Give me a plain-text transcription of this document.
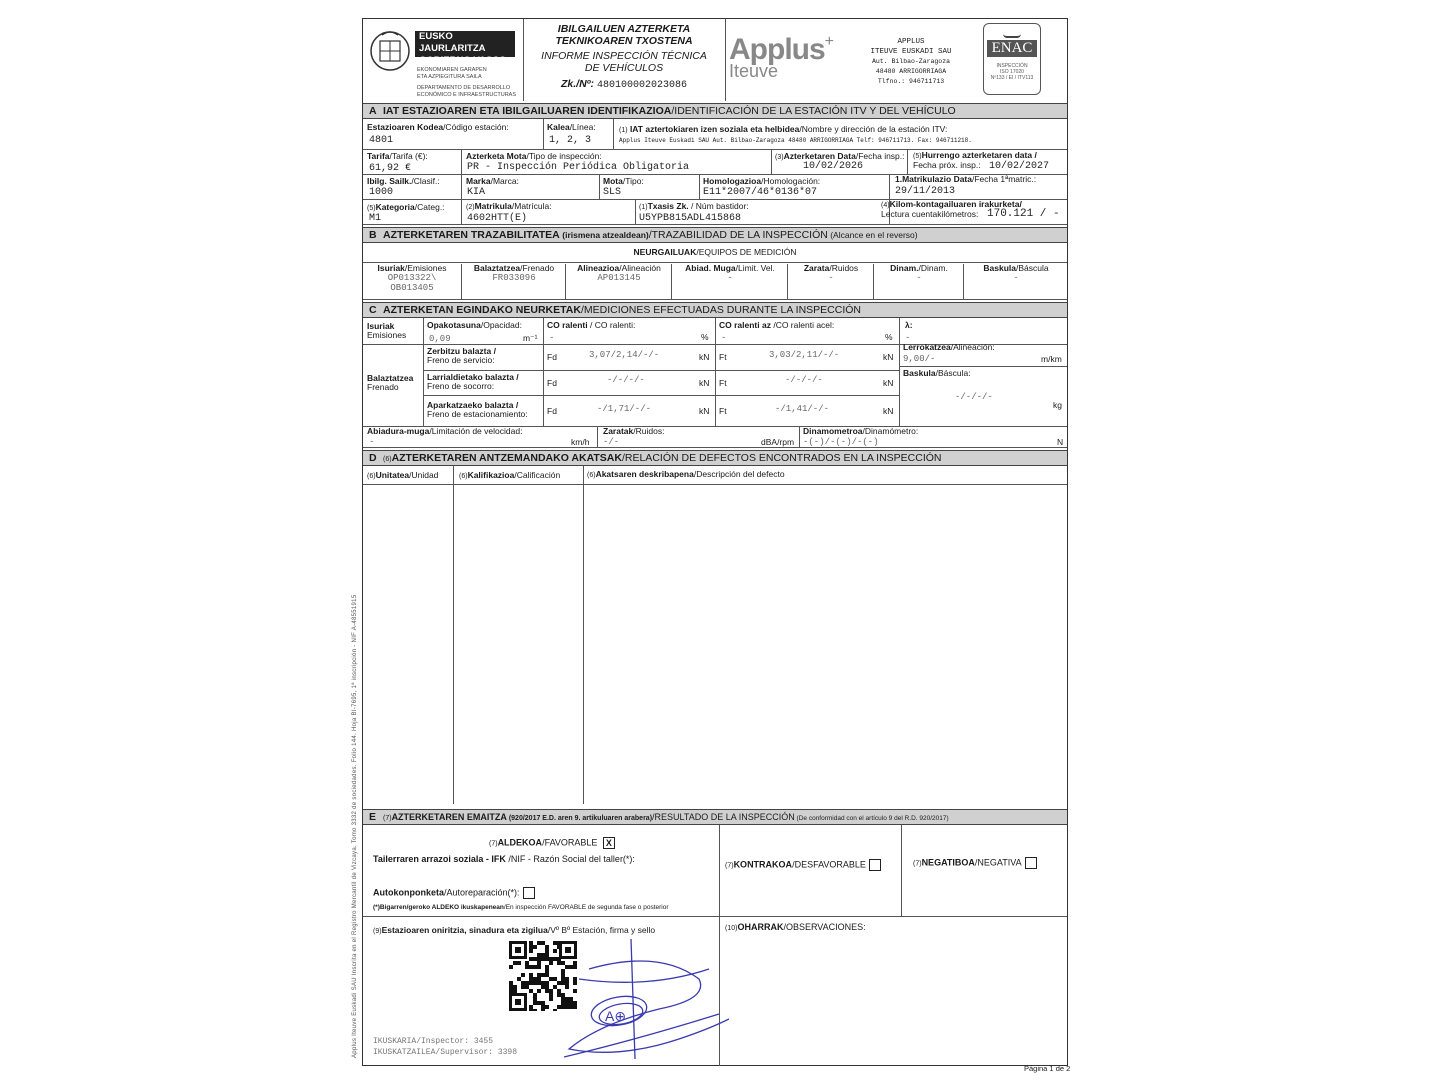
EUSKO JAURLARITZA
GOBIERNO VASCO
EKONOMIAREN GARAPEN
ETA AZPIEGITURA SAILA
DEPARTAMENTO DE DESARROLLO
ECONÓMICO E INFRAESTRUCTURAS
IBILGAILUEN AZTERKETA
TEKNIKOAREN TXOSTENA
INFORME INSPECCIÓN TÉCNICA
DE VEHÍCULOS
Zk./Nº: 480100002023086
Applus+
Iteuve
APPLUS
ITEUVE EUSKADI SAU
Aut. Bilbao-Zaragoza
48480 ARRIGORRIAGA
Tlfno.: 946711713
ENAC
INSPECCIÓN
ISO 17020
Nº133 / EI / ITV113
A IAT ESTAZIOAREN ETA IBILGAILUAREN IDENTIFIKAZIOA/IDENTIFICACIÓN DE LA ESTACIÓN ITV Y DEL VEHÍCULO
Estazioaren Kodea/Código estación:
4801
Kalea/Línea:
1, 2, 3
(1) IAT aztertokiaren izen soziala eta helbidea/Nombre y dirección de la estación ITV:
Applus Iteuve Euskadi SAU Aut. Bilbao-Zaragoza 48480 ARRIGORRIAGA Telf: 946711713. Fax: 946711218.
Tarifa/Tarifa (€):
61,92 €
Azterketa Mota/Tipo de inspección:
PR - Inspección Periódica Obligatoria
(3)Azterketaren Data/Fecha insp.:
10/02/2026
(5)Hurrengo azterketaren data /
Fecha próx. insp.: 10/02/2027
Ibilg. Sailk./Clasif.:
1000
Marka/Marca:
KIA
Mota/Tipo:
SLS
Homologazioa/Homologación:
E11*2007/46*0136*07
1.Matrikulazio Data/Fecha 1ªmatric.:
29/11/2013
(5)Kategoria/Categ.:
M1
(2)Matrikula/Matrícula:
4602HTT(E)
(1)Txasis Zk. / Núm bastidor:
U5YPB815ADL415868
(4)Kilom-kontagailuaren irakurketa/
Lectura cuentakilómetros: 170.121 / -
B AZTERKETAREN TRAZABILITATEA (irismena atzealdean)/TRAZABILIDAD DE LA INSPECCIÓN (Alcance en el reverso)
NEURGAILUAK/EQUIPOS DE MEDICIÓN
Isuriak/Emisiones
OP013322\
OB013405
Balaztatzea/Frenado
FR033096
Alineazioa/Alineación
AP013145
Abiad. Muga/Limit. Vel.
-
Zarata/Ruidos
-
Dinam./Dinam.
-
Baskula/Báscula
-
C AZTERKETAN EGINDAKO NEURKETAK/MEDICIONES EFECTUADAS DURANTE LA INSPECCIÓN
Isuriak
Emisiones
Opakotasuna/Opacidad:
0,09	m⁻¹
CO ralenti / CO ralenti:
-	%
CO ralenti az /CO ralenti acel:
-	%
λ:
-
Balaztatzea
Frenado
Zerbitzu balazta /
Freno de servicio:	Fd	3,07/2,14/-/-	kN Ft	3,03/2,11/-/-	kN
Larrialdietako balazta /
Freno de socorro:	Fd	-/-/-/-	kN Ft	-/-/-/-	kN
Aparkatzaeko balazta /
Freno de estacionamiento: Fd	-/1,71/-/-	kN Ft	-/1,41/-/-	kN
Lerrokatzea/Alineación:
9,00/-	m/km
Baskula/Báscula:
-/-/-/-
kg
Abiadura-muga/Limitación de velocidad:
-	km/h
Zaratak/Ruidos:
-/-	dBA/rpm
Dinamometroa/Dinamómetro:
-(-)/-(-)/-(-)	N
D (6)AZTERKETAREN ANTZEMANDAKO AKATSAK/RELACIÓN DE DEFECTOS ENCONTRADOS EN LA INSPECCIÓN
(6)Unitatea/Unidad	(6)Kalifikazioa/Calificación	(6)Akatsaren deskribapena/Descripción del defecto
E (7)AZTERKETAREN EMAITZA (920/2017 E.D. aren 9. artikuluaren arabera)/RESULTADO DE LA INSPECCIÓN (De conformidad con el artículo 9 del R.D. 920/2017)
(7)ALDEKOA/FAVORABLE X
Tailerraren arrazoi soziala - IFK /NIF - Razón Social del taller(*):
Autokonponketa/Autoreparación(*):
(*)Bigarren/geroko ALDEKO ikuskapenean/En inspección FAVORABLE de segunda fase o posterior
(7)KONTRAKOA/DESFAVORABLE	(7)NEGATIBOA/NEGATIVA
(9)Estazioaren oniritzia, sinadura eta zigilua/Vº Bº Estación, firma y sello	(10)OHARRAK/OBSERVACIONES:
A⊕
IKUSKARIA/Inspector: 3455
IKUSKATZAILEA/Supervisor: 3398
Página 1 de 2
Applus Iteuve Euskadi SAU Inscrita en el Registro Mercantil de Vizcaya. Tomo 3332 de sociedades. Folio 144. Hoja BI-7695, 1ª inscripción - NIF A-48551915
